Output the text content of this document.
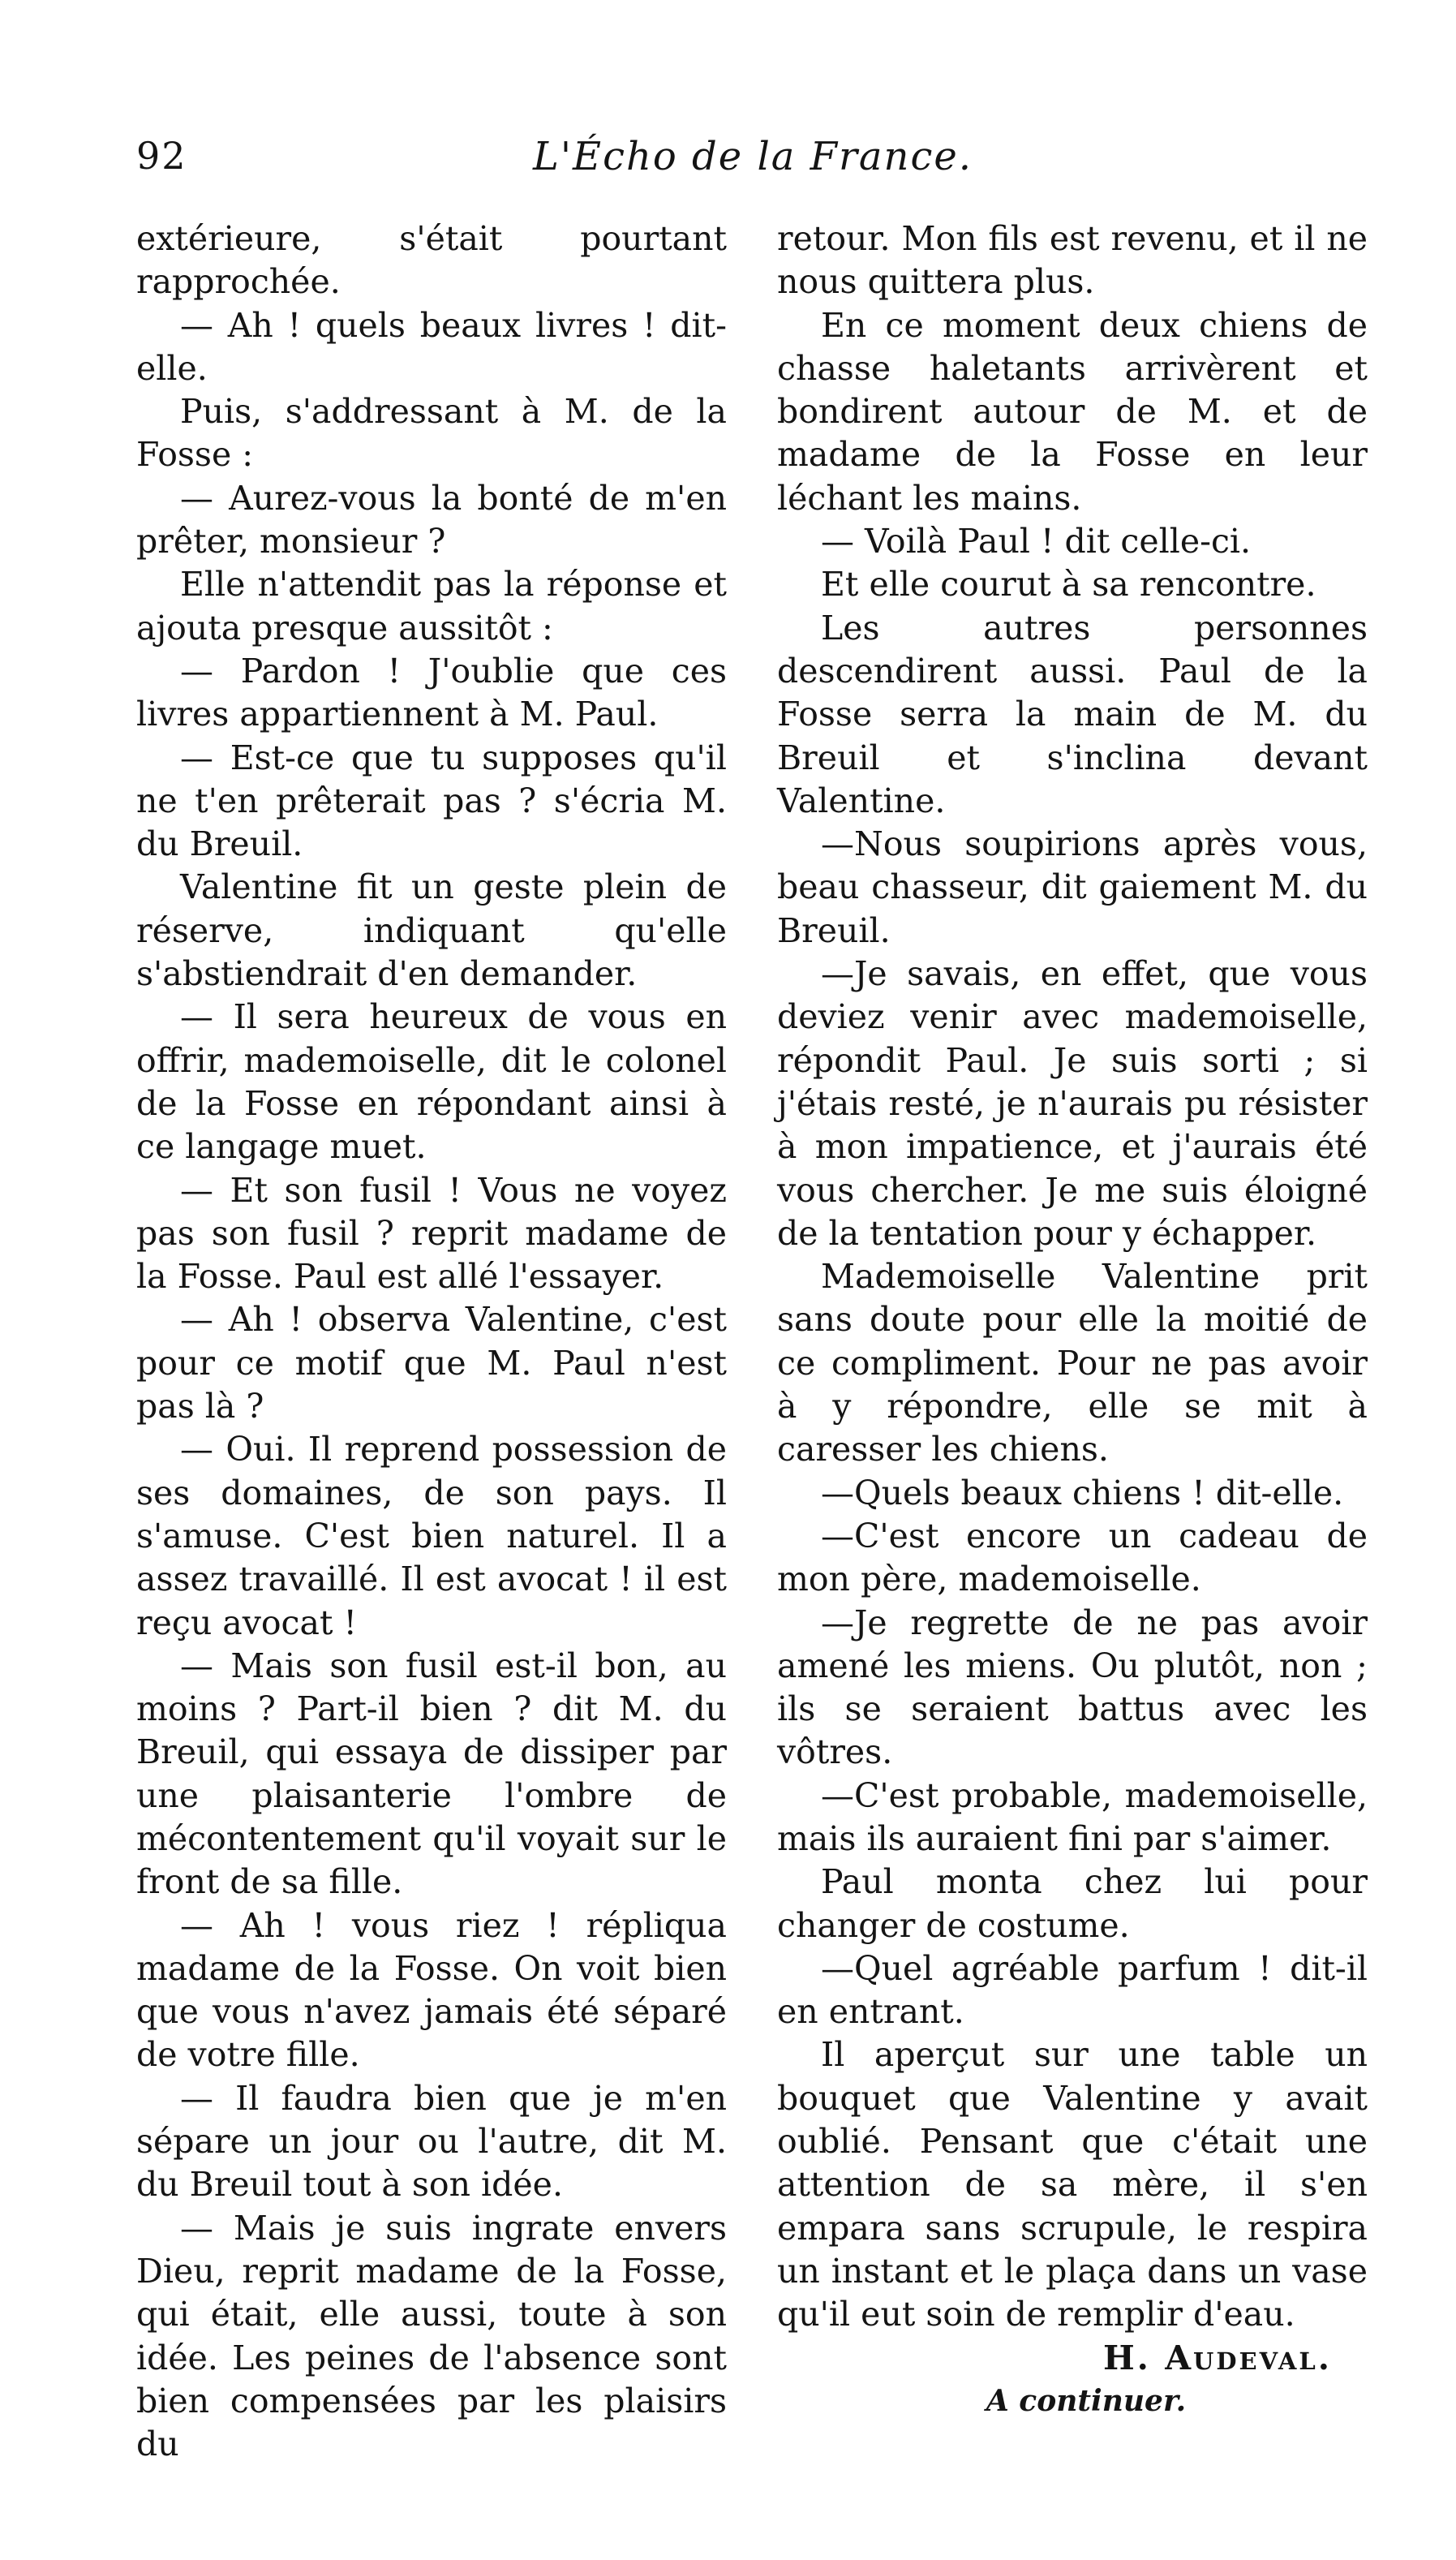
92	L'Écho de la France.

extérieure, s'était pourtant rapprochée.

— Ah ! quels beaux livres ! dit-elle.

Puis, s'addressant à M. de la Fosse :

— Aurez-vous la bonté de m'en prêter, monsieur ?

Elle n'attendit pas la réponse et ajouta presque aussitôt :

— Pardon ! J'oublie que ces livres appartiennent à M. Paul.

— Est-ce que tu supposes qu'il ne t'en prêterait pas ? s'écria M. du Breuil.

Valentine fit un geste plein de réserve, indiquant qu'elle s'abstiendrait d'en demander.

— Il sera heureux de vous en offrir, mademoiselle, dit le colonel de la Fosse en répondant ainsi à ce langage muet.

— Et son fusil ! Vous ne voyez pas son fusil ? reprit madame de la Fosse. Paul est allé l'essayer.

— Ah ! observa Valentine, c'est pour ce motif que M. Paul n'est pas là ?

— Oui. Il reprend possession de ses domaines, de son pays. Il s'amuse. C'est bien naturel. Il a assez travaillé. Il est avocat ! il est reçu avocat !

— Mais son fusil est-il bon, au moins ? Part-il bien ? dit M. du Breuil, qui essaya de dissiper par une plaisanterie l'ombre de mécontentement qu'il voyait sur le front de sa fille.

— Ah ! vous riez ! répliqua madame de la Fosse. On voit bien que vous n'avez jamais été séparé de votre fille.

— Il faudra bien que je m'en sépare un jour ou l'autre, dit M. du Breuil tout à son idée.

— Mais je suis ingrate envers Dieu, reprit madame de la Fosse, qui était, elle aussi, toute à son idée. Les peines de l'absence sont bien compensées par les plaisirs du

retour. Mon fils est revenu, et il ne nous quittera plus.

En ce moment deux chiens de chasse haletants arrivèrent et bondirent autour de M. et de madame de la Fosse en leur léchant les mains.

— Voilà Paul ! dit celle-ci.

Et elle courut à sa rencontre.

Les autres personnes descendirent aussi. Paul de la Fosse serra la main de M. du Breuil et s'inclina devant Valentine.

—Nous soupirions après vous, beau chasseur, dit gaiement M. du Breuil.

—Je savais, en effet, que vous deviez venir avec mademoiselle, répondit Paul. Je suis sorti ; si j'étais resté, je n'aurais pu résister à mon impatience, et j'aurais été vous chercher. Je me suis éloigné de la tentation pour y échapper.

Mademoiselle Valentine prit sans doute pour elle la moitié de ce compliment. Pour ne pas avoir à y répondre, elle se mit à caresser les chiens.

—Quels beaux chiens ! dit-elle.

—C'est encore un cadeau de mon père, mademoiselle.

—Je regrette de ne pas avoir amené les miens. Ou plutôt, non ; ils se seraient battus avec les vôtres.

—C'est probable, mademoiselle, mais ils auraient fini par s'aimer.

Paul monta chez lui pour changer de costume.

—Quel agréable parfum ! dit-il en entrant.

Il aperçut sur une table un bouquet que Valentine y avait oublié. Pensant que c'était une attention de sa mère, il s'en empara sans scrupule, le respira un instant et le plaça dans un vase qu'il eut soin de remplir d'eau.

H. Audeval.

A continuer.
